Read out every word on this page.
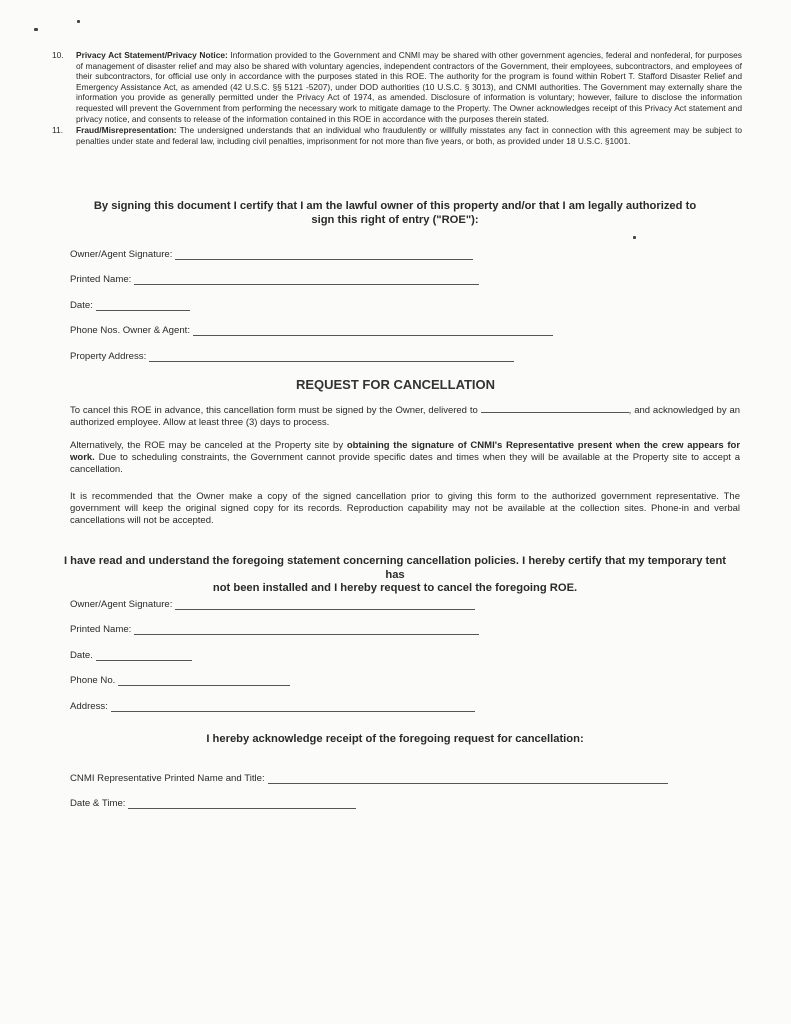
10. Privacy Act Statement/Privacy Notice: Information provided to the Government and CNMI may be shared with other government agencies, federal and nonfederal, for purposes of management of disaster relief and may also be shared with voluntary agencies, independent contractors of the Government, their employees, subcontractors, and employees of their subcontractors, for official use only in accordance with the purposes stated in this ROE. The authority for the program is found within Robert T. Stafford Disaster Relief and Emergency Assistance Act, as amended (42 U.S.C. §§ 5121 -5207), under DOD authorities (10 U.S.C. § 3013), and CNMI authorities. The Government may externally share the information you provide as generally permitted under the Privacy Act of 1974, as amended. Disclosure of information is voluntary; however, failure to disclose the information requested will prevent the Government from performing the necessary work to mitigate damage to the Property. The Owner acknowledges receipt of this Privacy Act statement and privacy notice, and consents to release of the information contained in this ROE in accordance with the purposes therein stated.
11. Fraud/Misrepresentation: The undersigned understands that an individual who fraudulently or willfully misstates any fact in connection with this agreement may be subject to penalties under state and federal law, including civil penalties, imprisonment for not more than five years, or both, as provided under 18 U.S.C. §1001.
By signing this document I certify that I am the lawful owner of this property and/or that I am legally authorized to
sign this right of entry ("ROE"):
Owner/Agent Signature:
Printed Name:
Date:
Phone Nos. Owner & Agent:
Property Address:
REQUEST FOR CANCELLATION
To cancel this ROE in advance, this cancellation form must be signed by the Owner, delivered to	, and acknowledged by an authorized employee. Allow at least three (3) days to process.
Alternatively, the ROE may be canceled at the Property site by obtaining the signature of CNMI's Representative present when the crew appears for work. Due to scheduling constraints, the Government cannot provide specific dates and times when they will be available at the Property site to accept a cancellation.
It is recommended that the Owner make a copy of the signed cancellation prior to giving this form to the authorized government representative. The government will keep the original signed copy for its records. Reproduction capability may not be available at the collection sites. Phone-in and verbal cancellations will not be accepted.
I have read and understand the foregoing statement concerning cancellation policies. I hereby certify that my temporary tent has
not been installed and I hereby request to cancel the foregoing ROE.
Owner/Agent Signature:
Printed Name:
Date.
Phone No.
Address:
I hereby acknowledge receipt of the foregoing request for cancellation:
CNMI Representative Printed Name and Title:
Date & Time:
